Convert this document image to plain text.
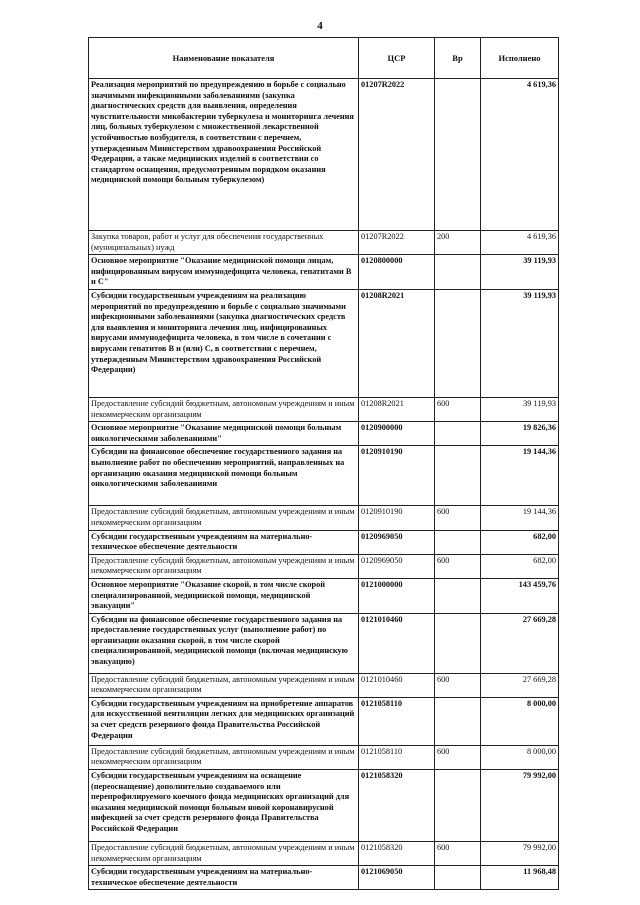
4
Наименование показателя	ЦСР	Вр	Исполнено
Реализация мероприятий по предупреждению и борьбе с социально значимыми инфекционными заболеваниями (закупка диагностических средств для выявления, определения чувствительности микобактерии туберкулеза и мониторинга лечения лиц, больных туберкулезом с множественной лекарственной устойчивостью возбудителя, в соответствии с перечнем, утвержденным Министерством здравоохранения Российской Федерации, а также медицинских изделий в соответствии со стандартом оснащения, предусмотренным порядком оказания медицинской помощи больным туберкулезом)	01207R2022		4 619,36
Закупка товаров, работ и услуг для обеспечения государственных (муниципальных) нужд	01207R2022	200	4 619,36
Основное мероприятие "Оказание медицинской помощи лицам, инфицированным вирусом иммунодефицита человека, гепатитами В и С"	0120800000		39 119,93
Субсидии государственным учреждениям на реализацию мероприятий по предупреждению и борьбе с социально значимыми инфекционными заболеваниями (закупка диагностических средств для выявления и мониторинга лечения лиц, инфицированных вирусами иммунодефицита человека, в том числе в сочетании с вирусами гепатитов В и (или) С, в соответствии с перечнем, утвержденным Министерством здравоохранения Российской Федерации)	01208R2021		39 119,93
Предоставление субсидий бюджетным, автономным учреждениям и иным некоммерческим организациям	01208R2021	600	39 119,93
Основное мероприятие "Оказание медицинской помощи больным онкологическими заболеваниями"	0120900000		19 826,36
Субсидии на финансовое обеспечение государственного задания на выполнение работ по обеспечению мероприятий, направленных на организацию оказания медицинской помощи больным онкологическими заболеваниями	0120910190		19 144,36
Предоставление субсидий бюджетным, автономным учреждениям и иным некоммерческим организациям	0120910190	600	19 144,36
Субсидии государственным учреждениям на материально-техническое обеспечение деятельности	0120969050		682,00
Предоставление субсидий бюджетным, автономным учреждениям и иным некоммерческим организациям	0120969050	600	682,00
Основное мероприятие "Оказание скорой, в том числе скорой специализированной, медицинской помощи, медицинской эвакуации"	0121000000		143 459,76
Субсидии на финансовое обеспечение государственного задания на предоставление государственных услуг (выполнение работ) по организации оказания скорой, в том числе скорой специализированной, медицинской помощи (включая медицинскую эвакуацию)	0121010460		27 669,28
Предоставление субсидий бюджетным, автономным учреждениям и иным некоммерческим организациям	0121010460	600	27 669,28
Субсидии государственным учреждениям на приобретение аппаратов для искусственной вентиляции легких для медицинских организаций за счет средств резервного фонда Правительства Российской Федерации	0121058110		8 000,00
Предоставление субсидий бюджетным, автономным учреждениям и иным некоммерческим организациям	0121058110	600	8 000,00
Субсидии государственным учреждениям на оснащение (переоснащение) дополнительно создаваемого или перепрофилируемого коечного фонда медицинских организаций для оказания медицинской помощи больным новой коронавирусной инфекцией за счет средств резервного фонда Правительства Российской Федерации	0121058320		79 992,00
Предоставление субсидий бюджетным, автономным учреждениям и иным некоммерческим организациям	0121058320	600	79 992,00
Субсидии государственным учреждениям на материально-техническое обеспечение деятельности	0121069050		11 968,48
